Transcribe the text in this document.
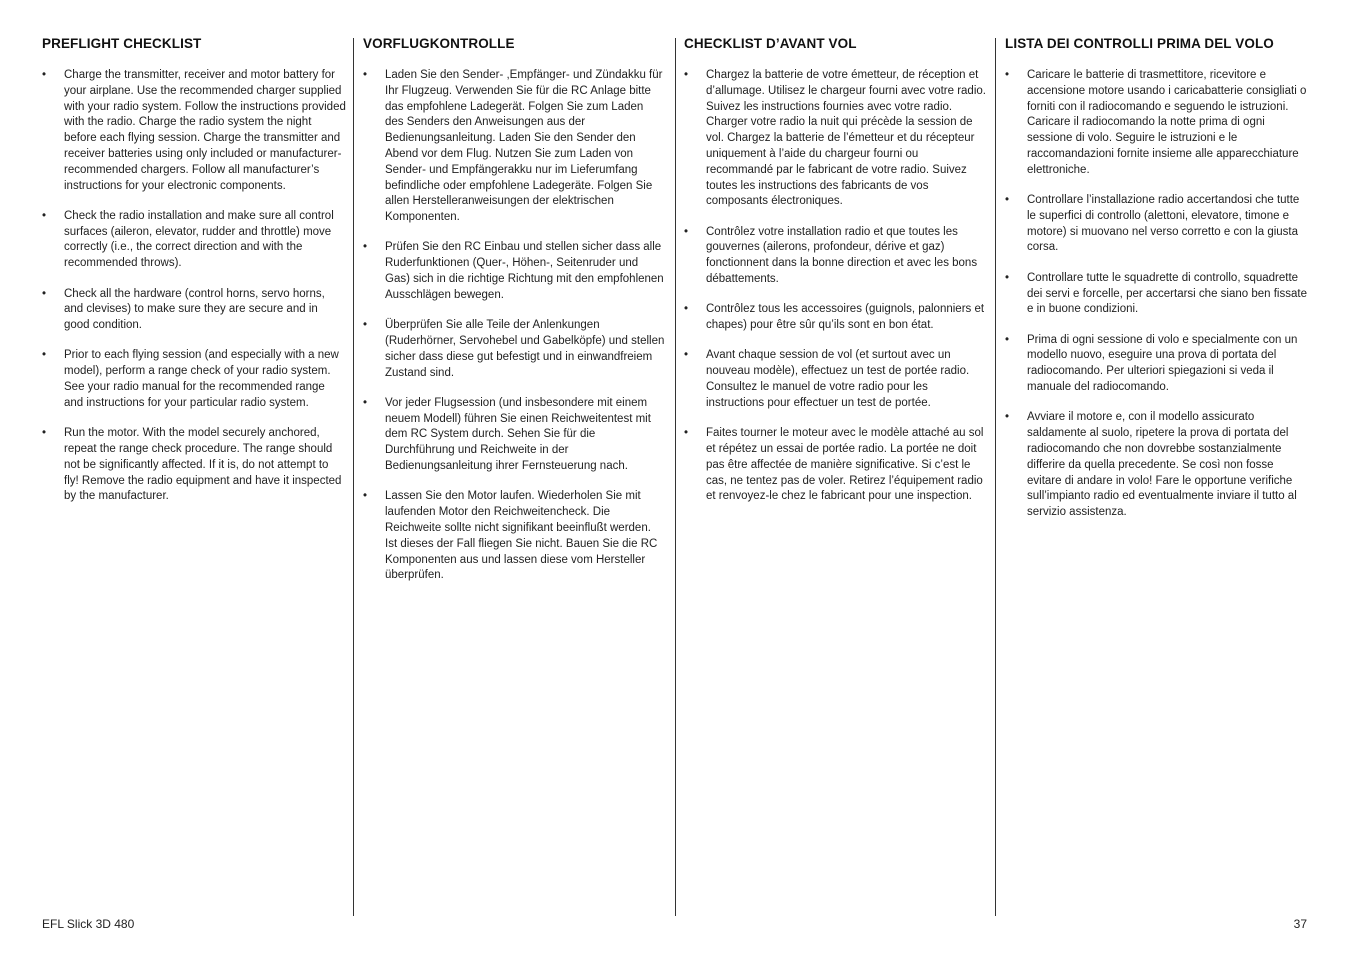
PREFLIGHT CHECKLIST
• Charge the transmitter, receiver and motor battery for your airplane. Use the recommended charger supplied with your radio system. Follow the instructions provided with the radio. Charge the radio system the night before each flying session. Charge the transmitter and receiver batteries using only included or manufacturer-recommended chargers. Follow all manufacturer’s instructions for your electronic components.
• Check the radio installation and make sure all control surfaces (aileron, elevator, rudder and throttle) move correctly (i.e., the correct direction and with the recommended throws).
• Check all the hardware (control horns, servo horns, and clevises) to make sure they are secure and in good condition.
• Prior to each flying session (and especially with a new model), perform a range check of your radio system. See your radio manual for the recommended range and instructions for your particular radio system.
• Run the motor. With the model securely anchored, repeat the range check procedure. The range should not be significantly affected. If it is, do not attempt to fly! Remove the radio equipment and have it inspected by the manufacturer.
VORFLUGKONTROLLE
• Laden Sie den Sender- ,Empfänger- und Zündakku für Ihr Flugzeug. Verwenden Sie für die RC Anlage bitte das empfohlene Ladegerät. Folgen Sie zum Laden des Senders den Anweisungen aus der Bedienungsanleitung. Laden Sie den Sender den Abend vor dem Flug. Nutzen Sie zum Laden von Sender- und Empfängerakku nur im Lieferumfang befindliche oder empfohlene Ladegeräte. Folgen Sie allen Herstelleranweisungen der elektrischen Komponenten.
• Prüfen Sie den RC Einbau und stellen sicher dass alle Ruderfunktionen (Quer-, Höhen-, Seitenruder und Gas) sich in die richtige Richtung mit den empfohlenen Ausschlägen bewegen.
• Überprüfen Sie alle Teile der Anlenkungen (Ruderhörner, Servohebel und Gabelköpfe) und stellen sicher dass diese gut befestigt und in einwandfreiem Zustand sind.
• Vor jeder Flugsession (und insbesondere mit einem neuem Modell) führen Sie einen Reichweitentest mit dem RC System durch. Sehen Sie für die Durchführung und Reichweite in der Bedienungsanleitung ihrer Fernsteuerung nach.
• Lassen Sie den Motor laufen. Wiederholen Sie mit laufenden Motor den Reichweitencheck. Die Reichweite sollte nicht signifikant beeinflußt werden. Ist dieses der Fall fliegen Sie nicht. Bauen Sie die RC Komponenten aus und lassen diese vom Hersteller überprüfen.
CHECKLIST D’AVANT VOL
• Chargez la batterie de votre émetteur, de réception et d’allumage. Utilisez le chargeur fourni avec votre radio. Suivez les instructions fournies avec votre radio. Charger votre radio la nuit qui précède la session de vol. Chargez la batterie de l’émetteur et du récepteur uniquement à l’aide du chargeur fourni ou recommandé par le fabricant de votre radio. Suivez toutes les instructions des fabricants de vos composants électroniques.
• Contrôlez votre installation radio et que toutes les gouvernes (ailerons, profondeur, dérive et gaz) fonctionnent dans la bonne direction et avec les bons débattements.
• Contrôlez tous les accessoires (guignols, palonniers et chapes) pour être sûr qu’ils sont en bon état.
• Avant chaque session de vol (et surtout avec un nouveau modèle), effectuez un test de portée radio. Consultez le manuel de votre radio pour les instructions pour effectuer un test de portée.
• Faites tourner le moteur avec le modèle attaché au sol et répétez un essai de portée radio. La portée ne doit pas être affectée de manière significative. Si c’est le cas, ne tentez pas de voler. Retirez l’équipement radio et renvoyez-le chez le fabricant pour une inspection.
LISTA DEI CONTROLLI PRIMA DEL VOLO
• Caricare le batterie di trasmettitore, ricevitore e accensione motore usando i caricabatterie consigliati o forniti con il radiocomando e seguendo le istruzioni. Caricare il radiocomando la notte prima di ogni sessione di volo. Seguire le istruzioni e le raccomandazioni fornite insieme alle apparecchiature elettroniche.
• Controllare l’installazione radio accertandosi che tutte le superfici di controllo (alettoni, elevatore, timone e motore) si muovano nel verso corretto e con la giusta corsa.
• Controllare tutte le squadrette di controllo, squadrette dei servi e forcelle, per accertarsi che siano ben fissate e in buone condizioni.
• Prima di ogni sessione di volo e specialmente con un modello nuovo, eseguire una prova di portata del radiocomando. Per ulteriori spiegazioni si veda il manuale del radiocomando.
• Avviare il motore e, con il modello assicurato saldamente al suolo, ripetere la prova di portata del radiocomando che non dovrebbe sostanzialmente differire da quella precedente. Se così non fosse evitare di andare in volo! Fare le opportune verifiche sull’impianto radio ed eventualmente inviare il tutto al servizio assistenza.
EFL Slick 3D 480	37
